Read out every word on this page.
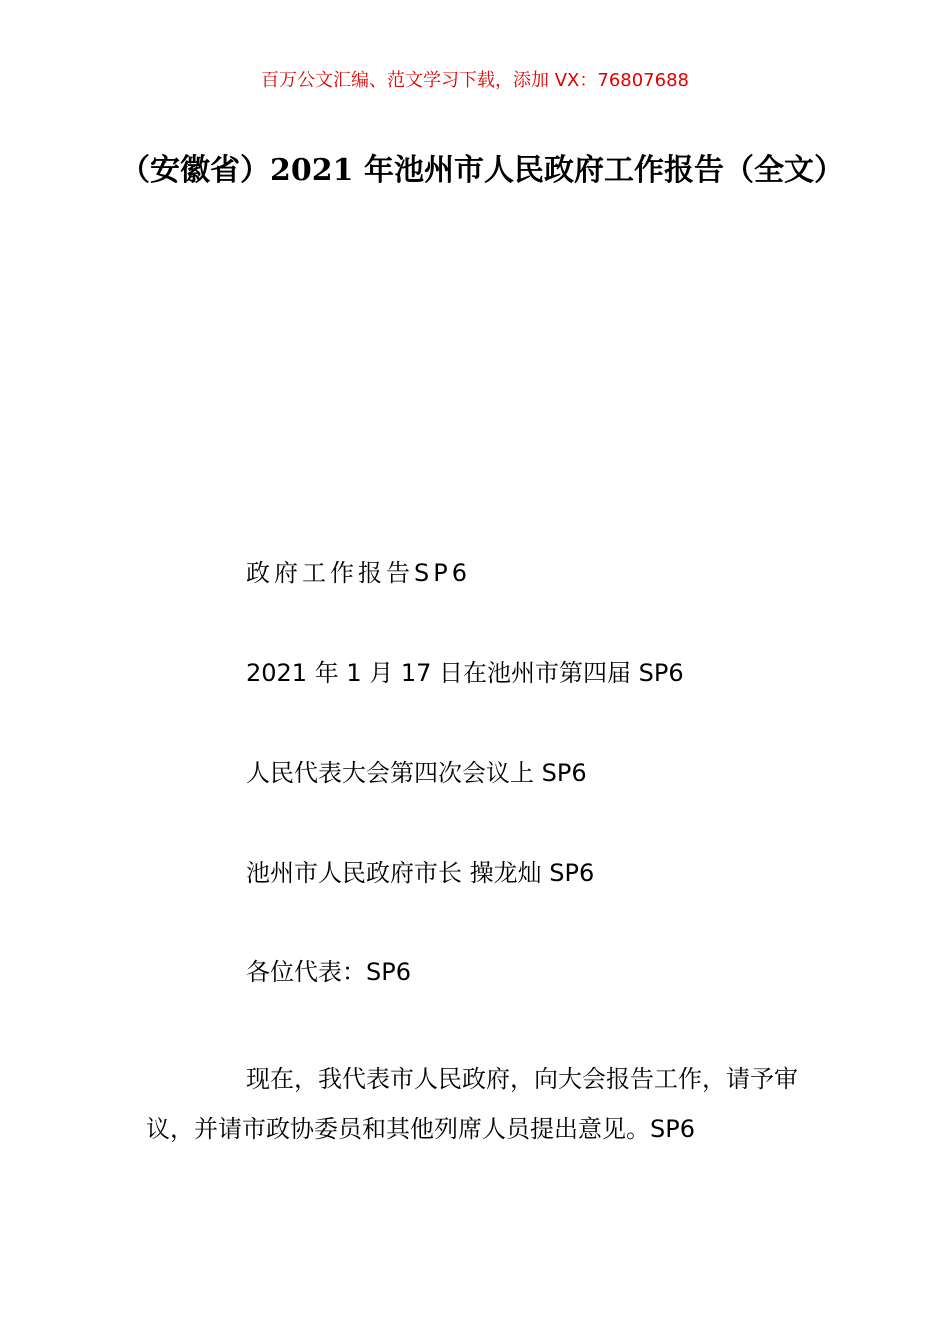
百万公文汇编、范文学习下载，添加 VX：76807688
（安徽省）2021 年池州市人民政府工作报告（全文）
政府工作报告SP6
2021 年 1 月 17 日在池州市第四届 SP6
人民代表大会第四次会议上 SP6
池州市人民政府市长 操龙灿 SP6
各位代表：SP6

现在，我代表市人民政府，向大会报告工作，请予审议，并请市政协委员和其他列席人员提出意见。SP6
